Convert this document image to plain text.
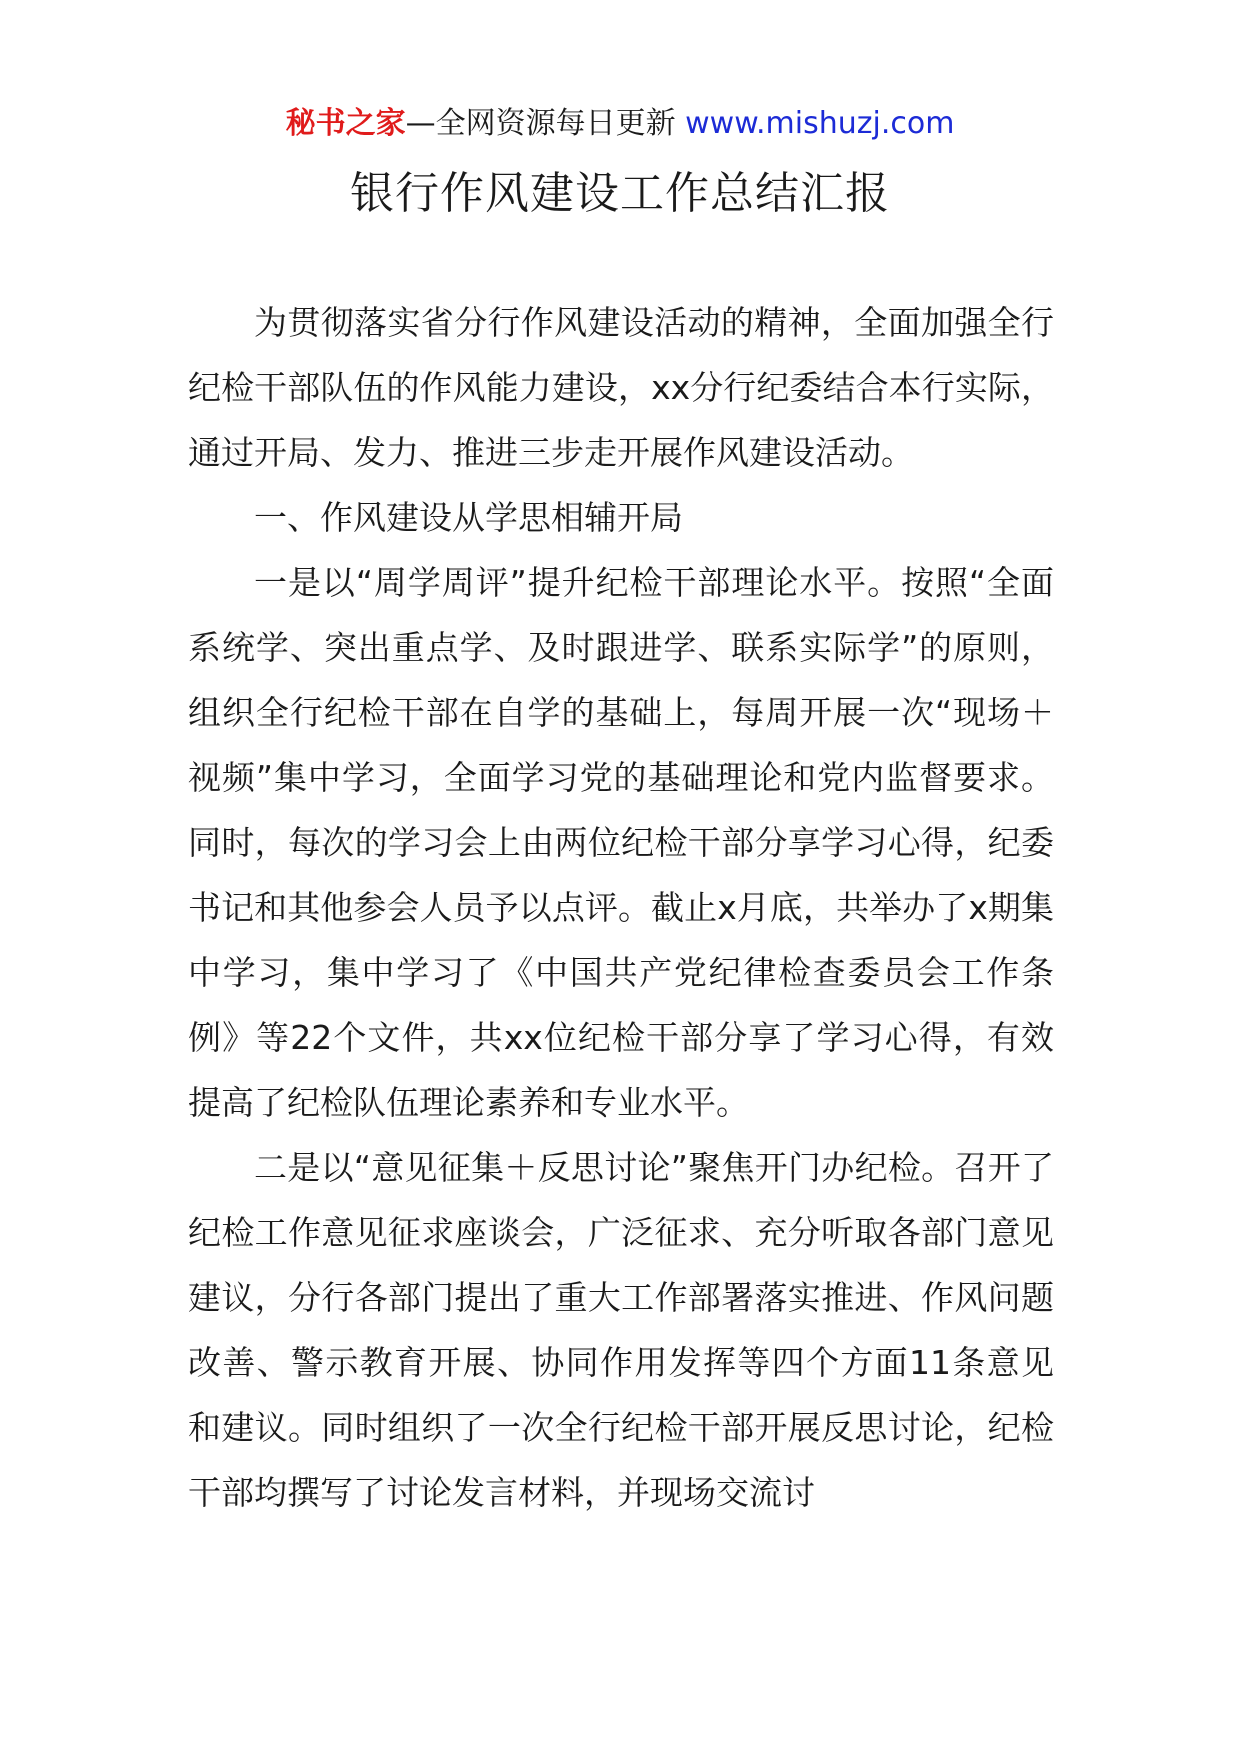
秘书之家—全网资源每日更新 www.mishuzj.com
银行作风建设工作总结汇报

为贯彻落实省分行作风建设活动的精神，全面加强全行纪检干部队伍的作风能力建设，xx分行纪委结合本行实际，通过开局、发力、推进三步走开展作风建设活动。

一、作风建设从学思相辅开局

一是以“周学周评”提升纪检干部理论水平。按照“全面系统学、突出重点学、及时跟进学、联系实际学”的原则，组织全行纪检干部在自学的基础上，每周开展一次“现场＋视频”集中学习，全面学习党的基础理论和党内监督要求。同时，每次的学习会上由两位纪检干部分享学习心得，纪委书记和其他参会人员予以点评。截止x月底，共举办了x期集中学习，集中学习了《中国共产党纪律检查委员会工作条例》等22个文件，共xx位纪检干部分享了学习心得，有效提高了纪检队伍理论素养和专业水平。

二是以“意见征集＋反思讨论”聚焦开门办纪检。召开了纪检工作意见征求座谈会，广泛征求、充分听取各部门意见建议，分行各部门提出了重大工作部署落实推进、作风问题改善、警示教育开展、协同作用发挥等四个方面11条意见和建议。同时组织了一次全行纪检干部开展反思讨论，纪检干部均撰写了讨论发言材料，并现场交流讨
